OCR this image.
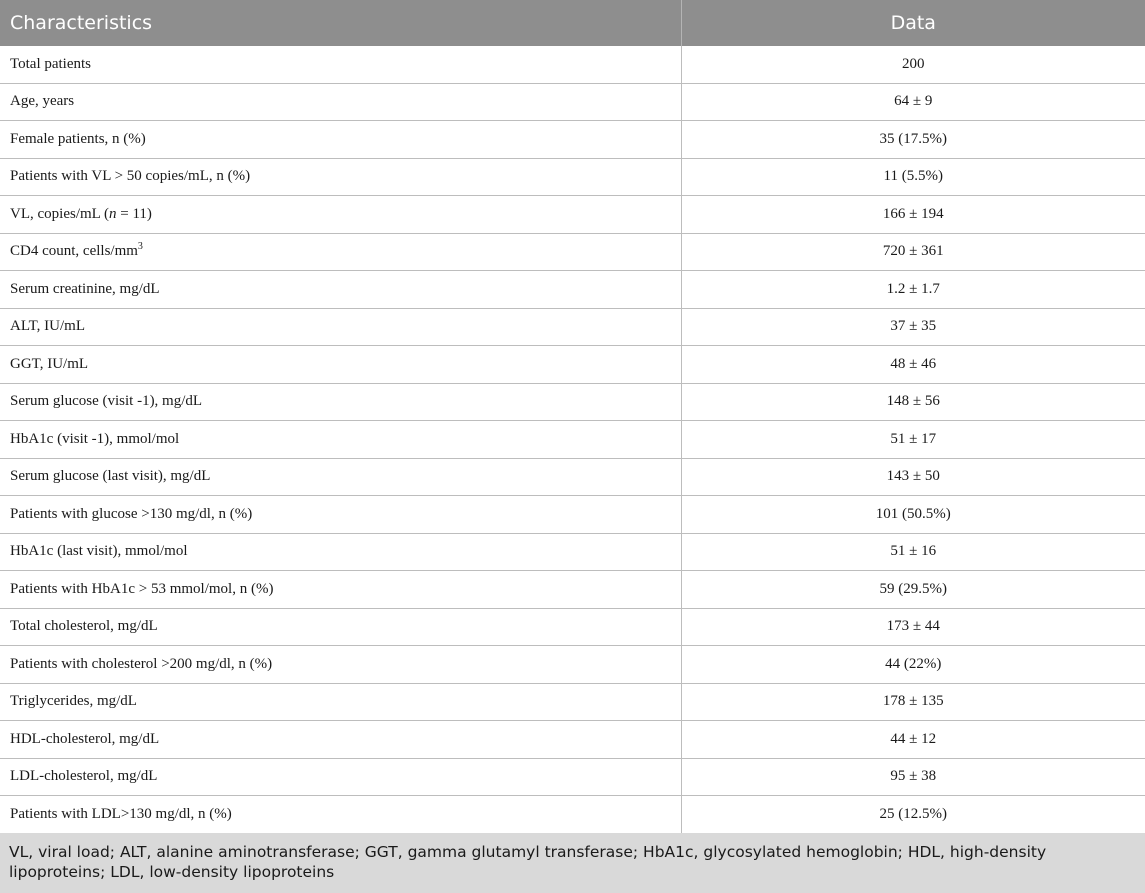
Characteristics	Data
Total patients	200
Age, years	64 ± 9
Female patients, n (%)	35 (17.5%)
Patients with VL > 50 copies/mL, n (%)	11 (5.5%)
VL, copies/mL (n = 11)	166 ± 194
CD4 count, cells/$mm^3$	720 ± 361
Serum creatinine, mg/dL	1.2 ± 1.7
ALT, IU/mL	37 ± 35
GGT, IU/mL	48 ± 46
Serum glucose (visit -1), mg/dL	148 ± 56
HbA1c (visit -1), mmol/mol	51 ± 17
Serum glucose (last visit), mg/dL	143 ± 50
Patients with glucose >130 mg/dl, n (%)	101 (50.5%)
HbA1c (last visit), mmol/mol	51 ± 16
Patients with HbA1c > 53 mmol/mol, n (%)	59 (29.5%)
Total cholesterol, mg/dL	173 ± 44
Patients with cholesterol >200 mg/dl, n (%)	44 (22%)
Triglycerides, mg/dL	178 ± 135
HDL-cholesterol, mg/dL	44 ± 12
LDL-cholesterol, mg/dL	95 ± 38
Patients with LDL>130 mg/dl, n (%)	25 (12.5%)
VL, viral load; ALT, alanine aminotransferase; GGT, gamma glutamyl transferase; HbA1c, glycosylated hemoglobin; HDL, high-density lipoproteins; LDL, low-density lipoproteins
